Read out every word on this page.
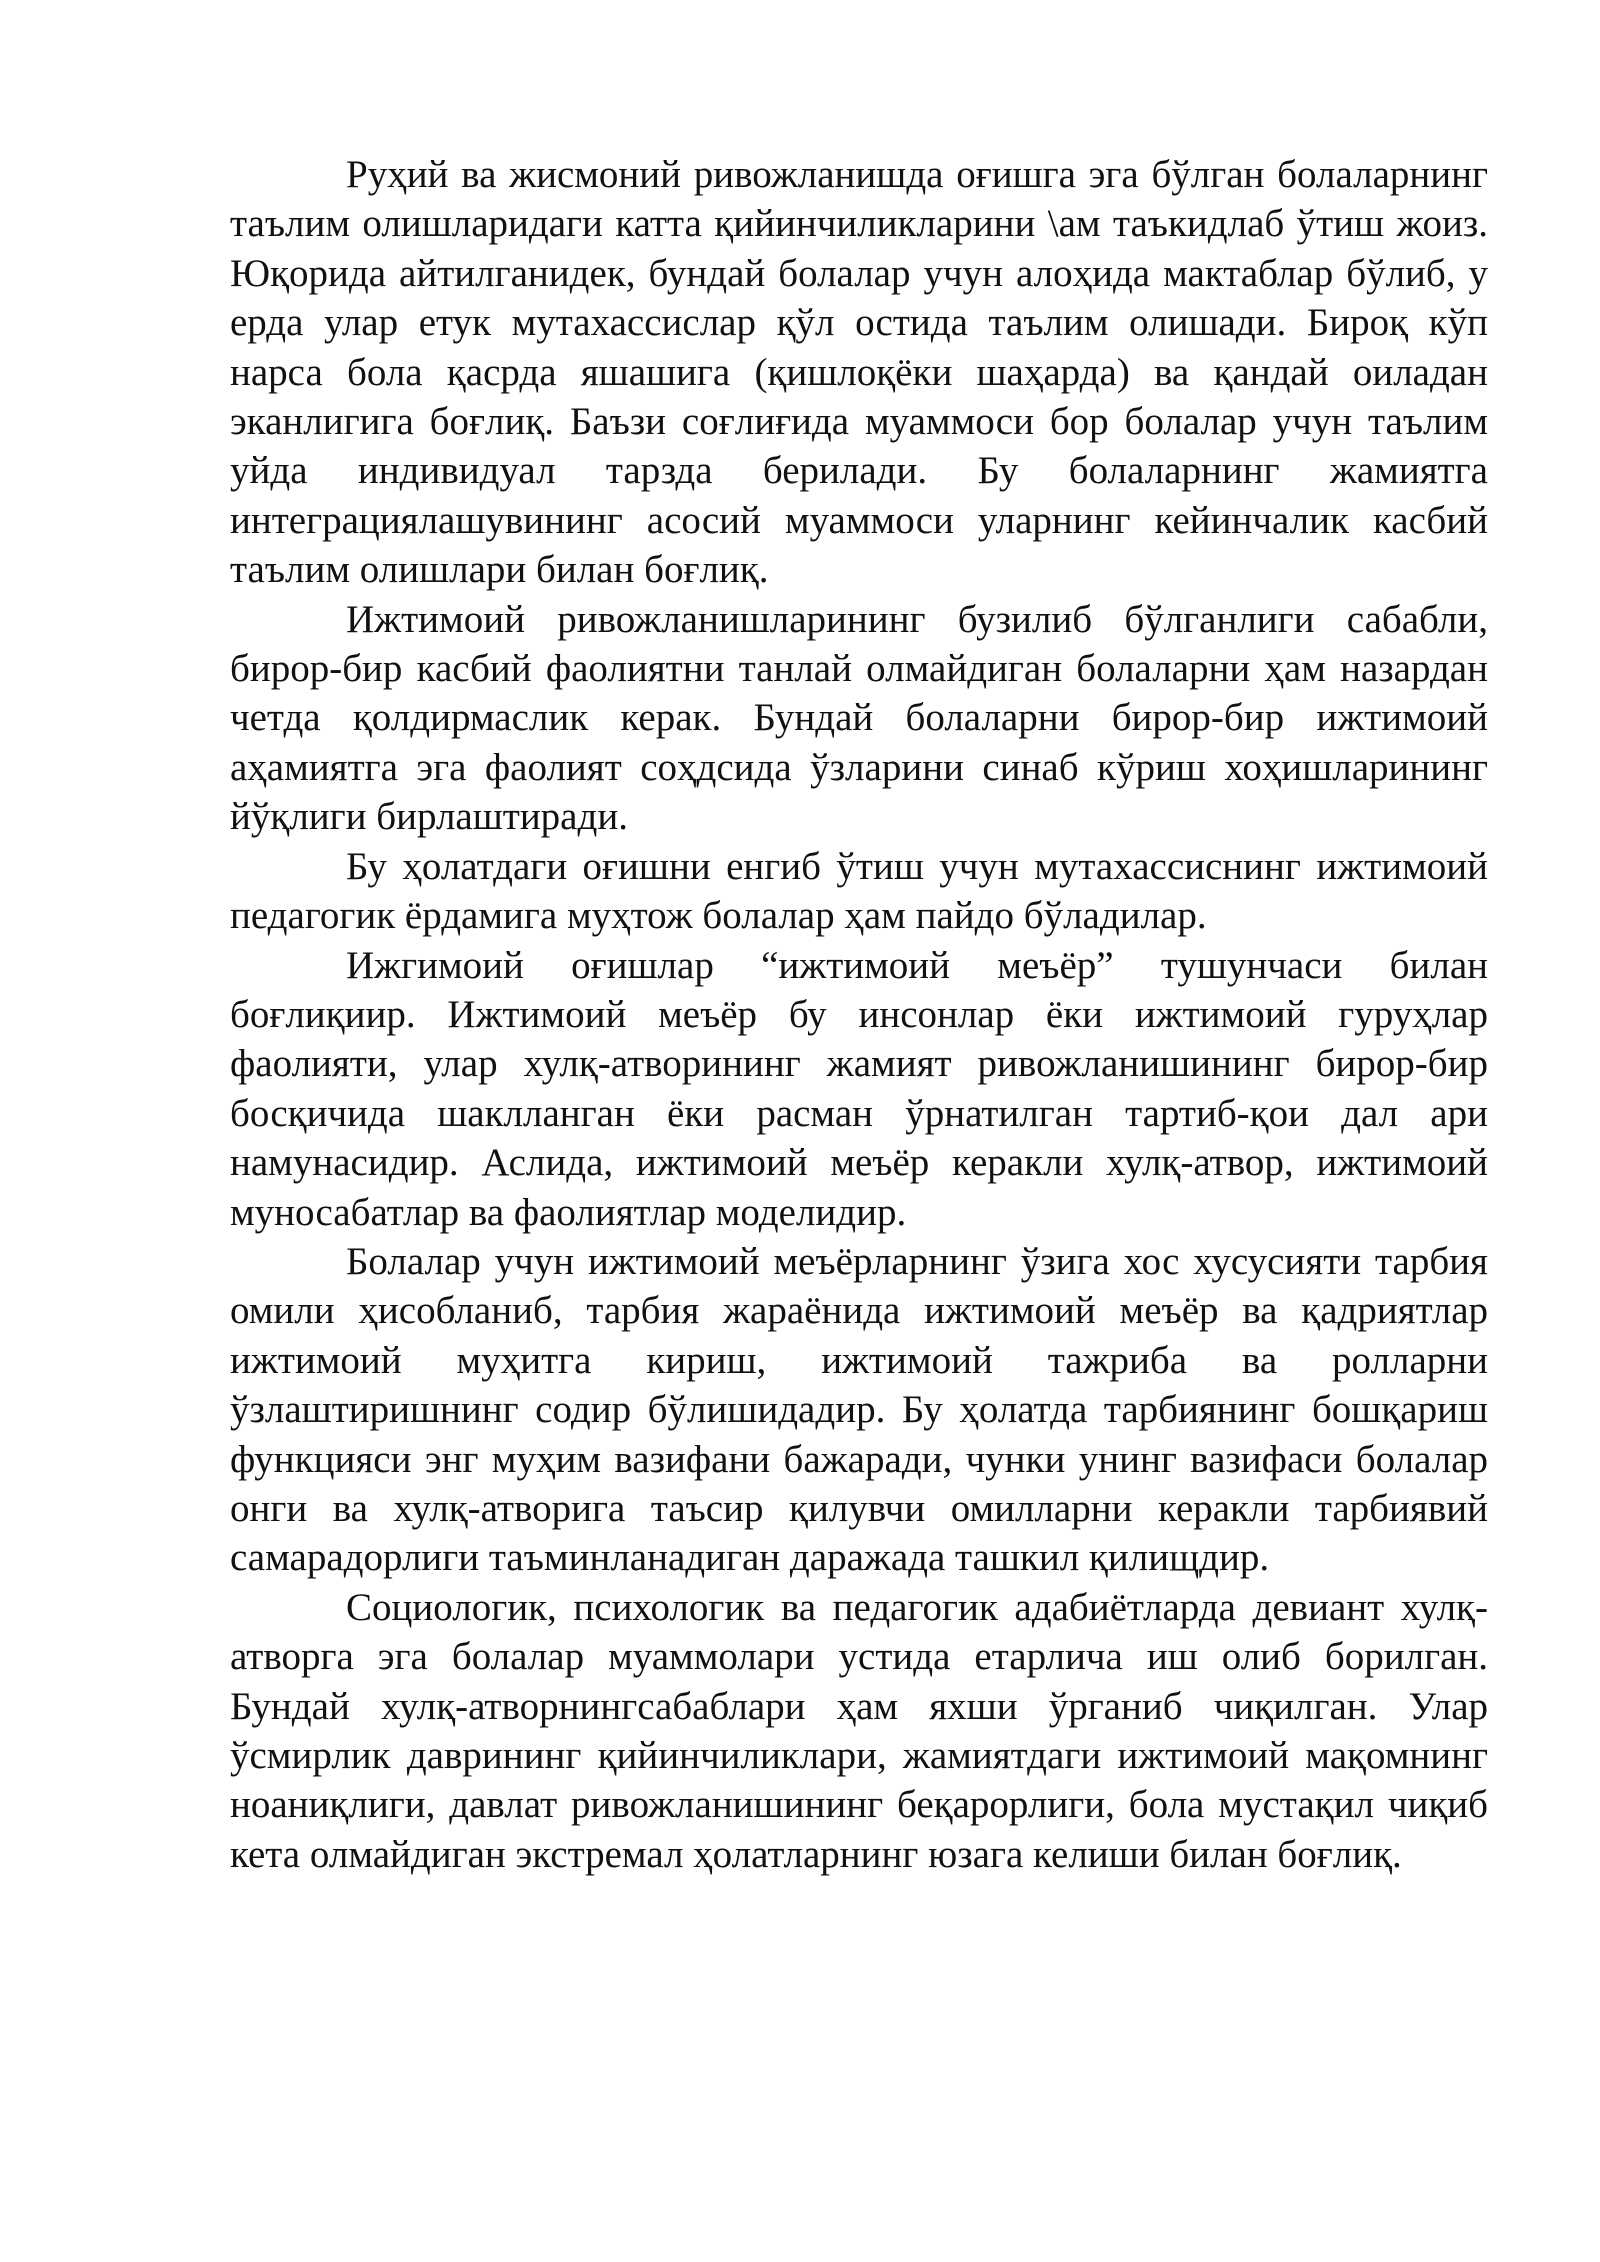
Руҳий ва жисмоний ривожланишда оғишга эга бўлган болаларнинг таълим олишларидаги катта қийинчиликларини \ам таъкидлаб ўтиш жоиз. Юқорида айтилганидек, бундай болалар учун алоҳида мактаблар бўлиб, у ерда улар етук мутахассислар қўл остида таълим олишади. Бироқ кўп нарса бола қасрда яшашига (қишлоқёки шаҳарда) ва қандай оиладан эканлигига боғлиқ. Баъзи соғлиғида муаммоси бор болалар учун таълим уйда индивидуал тарзда берилади. Бу болаларнинг жамиятга интеграциялашувининг асосий муаммоси уларнинг кейинчалик касбий таълим олишлари билан боғлиқ.

Ижтимоий ривожланишларининг бузилиб бўлганлиги сабабли, бирор-бир касбий фаолиятни танлай олмайдиган болаларни ҳам назардан четда қолдирмаслик керак. Бундай болаларни бирор-бир ижтимоий аҳамиятга эга фаолият соҳдсида ўзларини синаб кўриш хоҳишларининг йўқлиги бирлаштиради.

Бу ҳолатдаги оғишни енгиб ўтиш учун мутахассиснинг ижтимоий педагогик ёрдамига муҳтож болалар ҳам пайдо бўладилар.

Ижгимоий оғишлар “ижтимоий меъёр” тушунчаси билан боғлиқиир. Ижтимоий меъёр бу инсонлар ёки ижтимоий гуруҳлар фаолияти, улар хулқ-атворининг жамият ривожланишининг бирор-бир босқичида шаклланган ёки расман ўрнатилган тартиб-қои дал ари намунасидир. Аслида, ижтимоий меъёр керакли хулқ-атвор, ижтимоий муносабатлар ва фаолиятлар моделидир.

Болалар учун ижтимоий меъёрларнинг ўзига хос хусусияти тарбия омили ҳисобланиб, тарбия жараёнида ижтимоий меъёр ва қадриятлар ижтимоий муҳитга кириш, ижтимоий тажриба ва ролларни ўзлаштиришнинг содир бўлишидадир. Бу ҳолатда тарбиянинг бошқариш функцияси энг муҳим вазифани бажаради, чунки унинг вазифаси болалар онги ва хулқ-атворига таъсир қилувчи омилларни керакли тарбиявий самарадорлиги таъминланадиган даражада ташкил қилищдир.

Социологик, психологик ва педагогик адабиётларда девиант хулқ-атворга эга болалар муаммолари устида етарлича иш олиб борилган. Бундай хулқ-атворнингсабаблари ҳам яхши ўрганиб чиқилган. Улар ўсмирлик даврининг қийинчиликлари, жамиятдаги ижтимоий мақомнинг ноаниқлиги, давлат ривожланишининг беқарорлиги, бола мустақил чиқиб кета олмайдиган экстремал ҳолатларнинг юзага келиши билан боғлиқ.
